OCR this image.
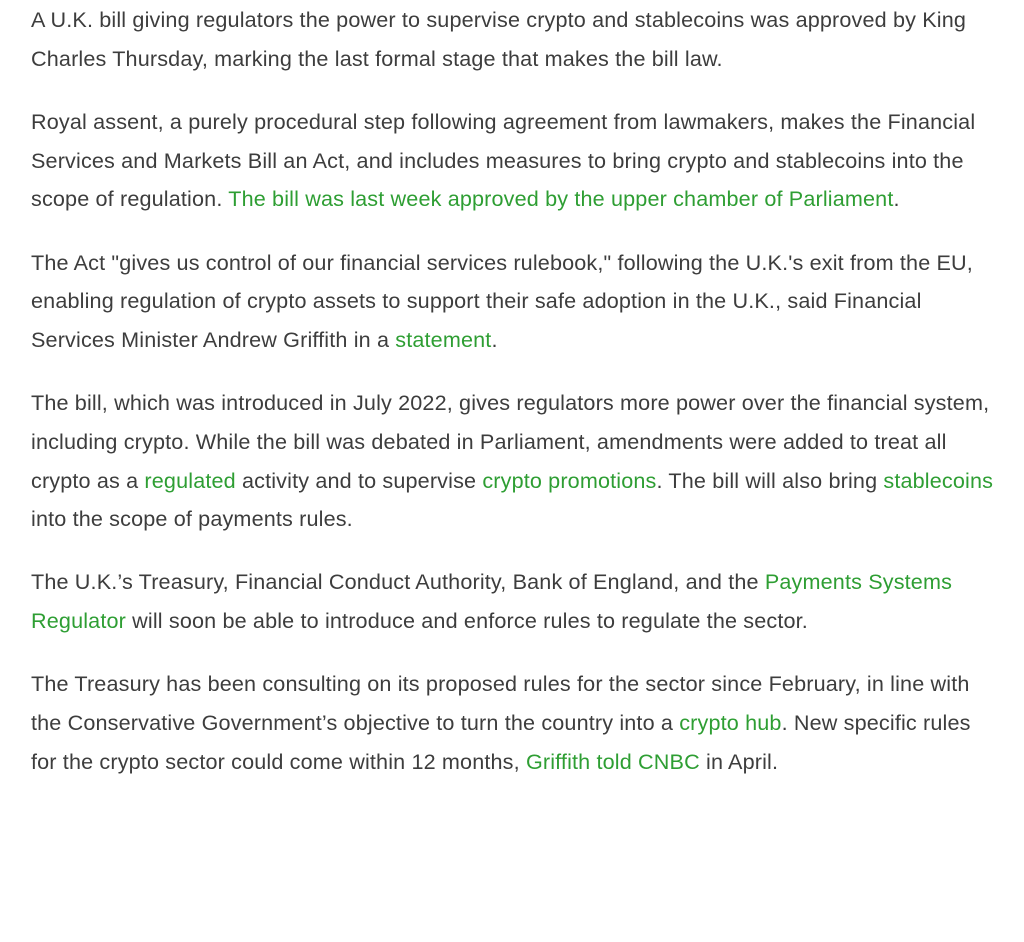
A U.K. bill giving regulators the power to supervise crypto and stablecoins was approved by King Charles Thursday, marking the last formal stage that makes the bill law.

Royal assent, a purely procedural step following agreement from lawmakers, makes the Financial Services and Markets Bill an Act, and includes measures to bring crypto and stablecoins into the scope of regulation. The bill was last week approved by the upper chamber of Parliament.

The Act "gives us control of our financial services rulebook," following the U.K.'s exit from the EU, enabling regulation of crypto assets to support their safe adoption in the U.K., said Financial Services Minister Andrew Griffith in a statement.

The bill, which was introduced in July 2022, gives regulators more power over the financial system, including crypto. While the bill was debated in Parliament, amendments were added to treat all crypto as a regulated activity and to supervise crypto promotions. The bill will also bring stablecoins into the scope of payments rules.

The U.K.’s Treasury, Financial Conduct Authority, Bank of England, and the Payments Systems Regulator will soon be able to introduce and enforce rules to regulate the sector.

The Treasury has been consulting on its proposed rules for the sector since February, in line with the Conservative Government’s objective to turn the country into a crypto hub. New specific rules for the crypto sector could come within 12 months, Griffith told CNBC in April.
